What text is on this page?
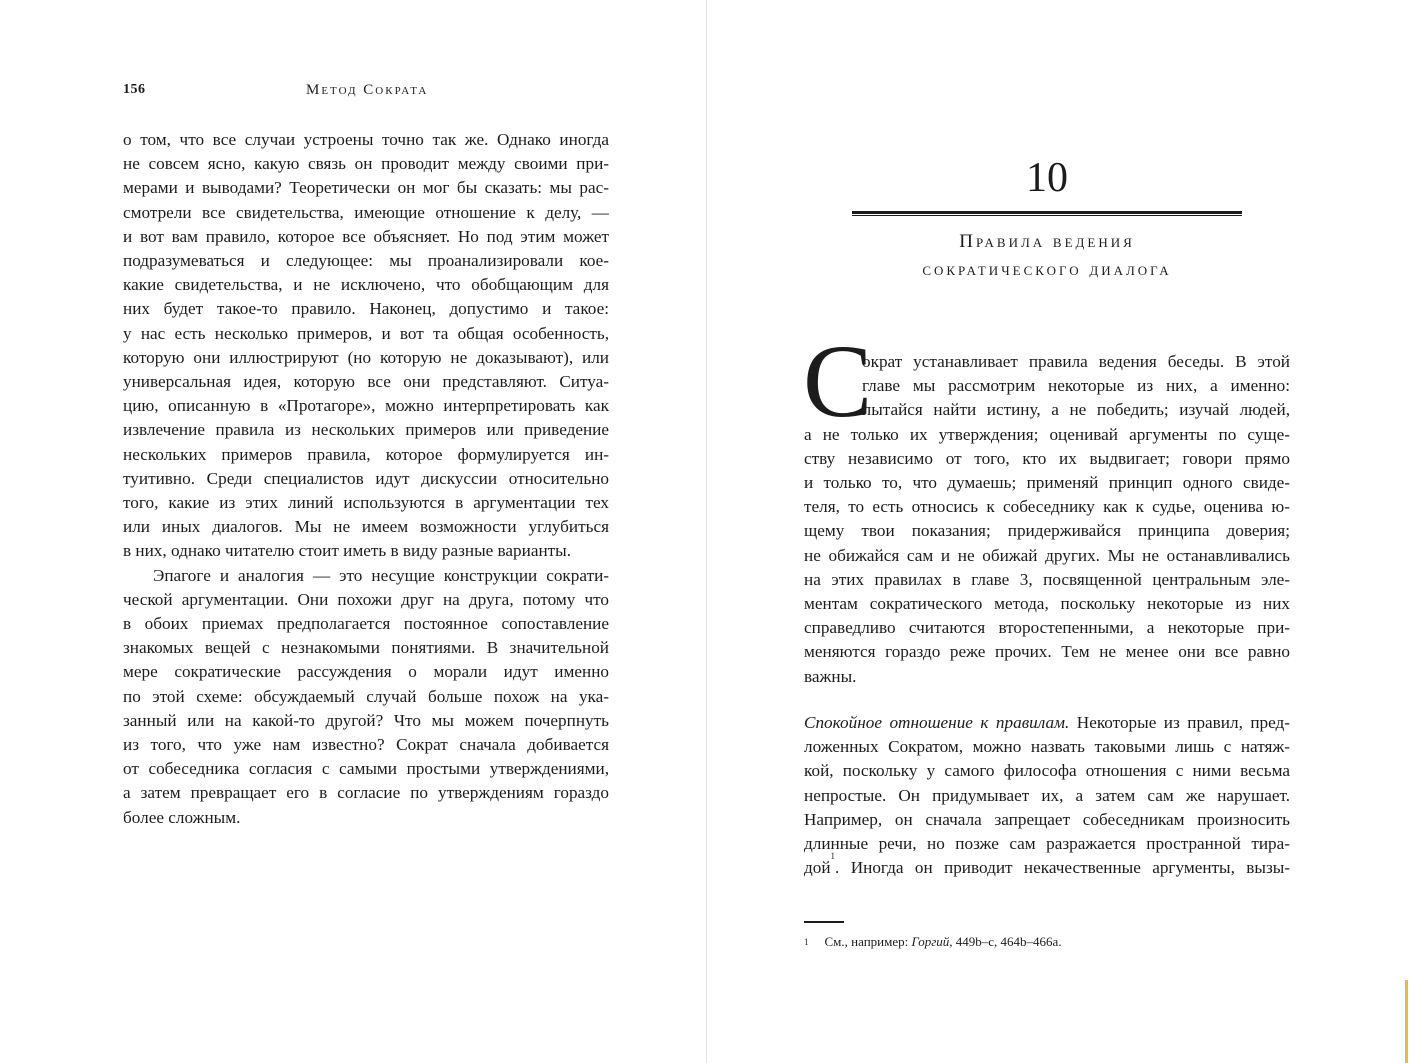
156	Метод Сократа
о том, что все случаи устроены точно так же. Однако иногда
не совсем ясно, какую связь он проводит между своими при-
мерами и выводами? Теоретически он мог бы сказать: мы рас-
смотрели все свидетельства, имеющие отношение к делу, —
и вот вам правило, которое все объясняет. Но под этим может
подразумеваться и следующее: мы проанализировали кое-
какие свидетельства, и не исключено, что обобщающим для
них будет такое-то правило. Наконец, допустимо и такое:
у нас есть несколько примеров, и вот та общая особенность,
которую они иллюстрируют (но которую не доказывают), или
универсальная идея, которую все они представляют. Ситуа-
цию, описанную в «Протагоре», можно интерпретировать как
извлечение правила из нескольких примеров или приведение
нескольких примеров правила, которое формулируется ин-
туитивно. Среди специалистов идут дискуссии относительно
того, какие из этих линий используются в аргументации тех
или иных диалогов. Мы не имеем возможности углубиться
в них, однако читателю стоит иметь в виду разные варианты.
Эпагоге и аналогия — это несущие конструкции сократи-
ческой аргументации. Они похожи друг на друга, потому что
в обоих приемах предполагается постоянное сопоставление
знакомых вещей с незнакомыми понятиями. В значительной
мере сократические рассуждения о морали идут именно
по этой схеме: обсуждаемый случай больше похож на ука-
занный или на какой-то другой? Что мы можем почерпнуть
из того, что уже нам известно? Сократ сначала добивается
от собеседника согласия с самыми простыми утверждениями,
а затем превращает его в согласие по утверждениям гораздо
более сложным.
10
Правила ведения
сократического диалога
С
ократ устанавливает правила ведения беседы. В этой
главе мы рассмотрим некоторые из них, а именно:
пытайся найти истину, а не победить; изучай людей,
а не только их утверждения; оценивай аргументы по суще-
ству независимо от того, кто их выдвигает; говори прямо
и только то, что думаешь; применяй принцип одного свиде-
теля, то есть относись к собеседнику как к судье, оценива ю-
щему твои показания; придерживайся принципа доверия;
не обижайся сам и не обижай других. Мы не останавливались
на этих правилах в главе 3, посвященной центральным эле-
ментам сократического метода, поскольку некоторые из них
справедливо считаются второстепенными, а некоторые при-
меняются гораздо реже прочих. Тем не менее они все равно
важны.
Спокойное отношение к правилам. Некоторые из правил, пред-
ложенных Сократом, можно назвать таковыми лишь с натяж-
кой, поскольку у самого философа отношения с ними весьма
непростые. Он придумывает их, а затем сам же нарушает.
Например, он сначала запрещает собеседникам произносить
длинные речи, но позже сам разражается пространной тира-
дой$^1$. Иногда он приводит некачественные аргументы, вызы-
$^1$ См., например: Горгий, 449b–c, 464b–466a.
